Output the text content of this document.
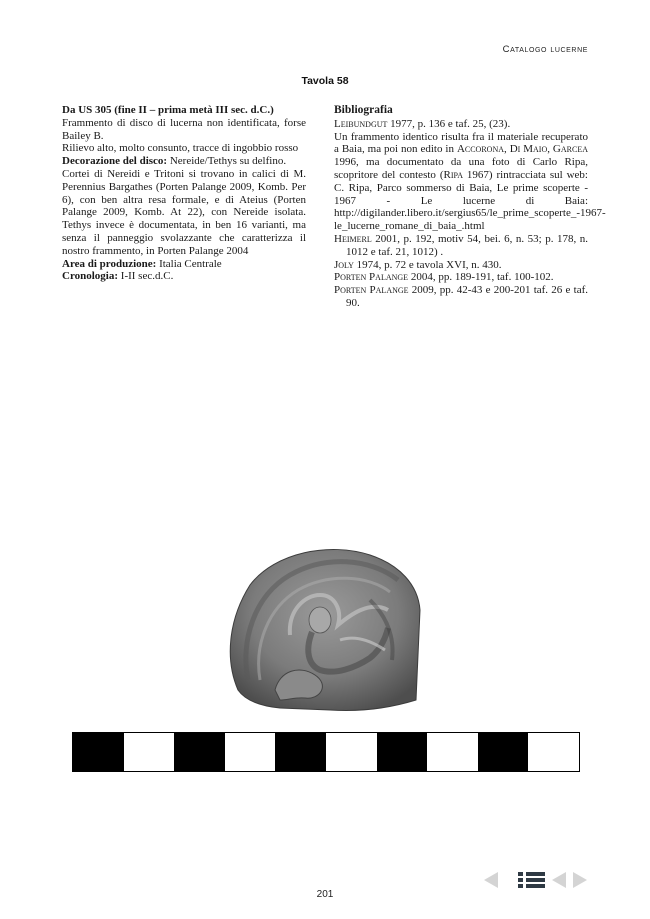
Catalogo lucerne
Tavola 58

Da US 305 (fine II – prima metà III sec. d.C.)

Frammento di disco di lucerna non identificata, forse Bailey B.

Rilievo alto, molto consunto, tracce di ingobbio rosso

Decorazione del disco: Nereide/Tethys su delfino.

Cortei di Nereidi e Tritoni si trovano in calici di M. Perennius Bargathes (Porten Palange 2009, Komb. Per 6), con ben altra resa formale, e di Ateius (Porten Palange 2009, Komb. At 22), con Nereide isolata. Tethys invece è documentata, in ben 16 varianti, ma senza il panneggio svolazzante che caratterizza il nostro frammento, in Porten Palange 2004

Area di produzione: Italia Centrale

Cronologia: I-II sec.d.C.

Bibliografia

Leibundgut 1977, p. 136 e taf. 25, (23).

Un frammento identico risulta fra il materiale recuperato a Baia, ma poi non edito in Accorona, Di Maio, Garcea 1996, ma documentato da una foto di Carlo Ripa, scopritore del contesto (Ripa 1967) rintracciata sul web: C. Ripa, Parco sommerso di Baia, Le prime scoperte - 1967 - Le lucerne di Baia: http://digilander.libero.it/sergius65/le_prime_scoperte_-1967-le_lucerne_romane_di_baia_.html

Heimerl 2001, p. 192, motiv 54, bei. 6, n. 53; p. 178, n. 1012 e taf. 21, 1012) .

Joly 1974, p. 72 e tavola XVI, n. 430.

Porten Palange 2004, pp. 189-191, taf. 100-102.

Porten Palange 2009, pp. 42-43 e 200-201 taf. 26 e taf. 90.

201
